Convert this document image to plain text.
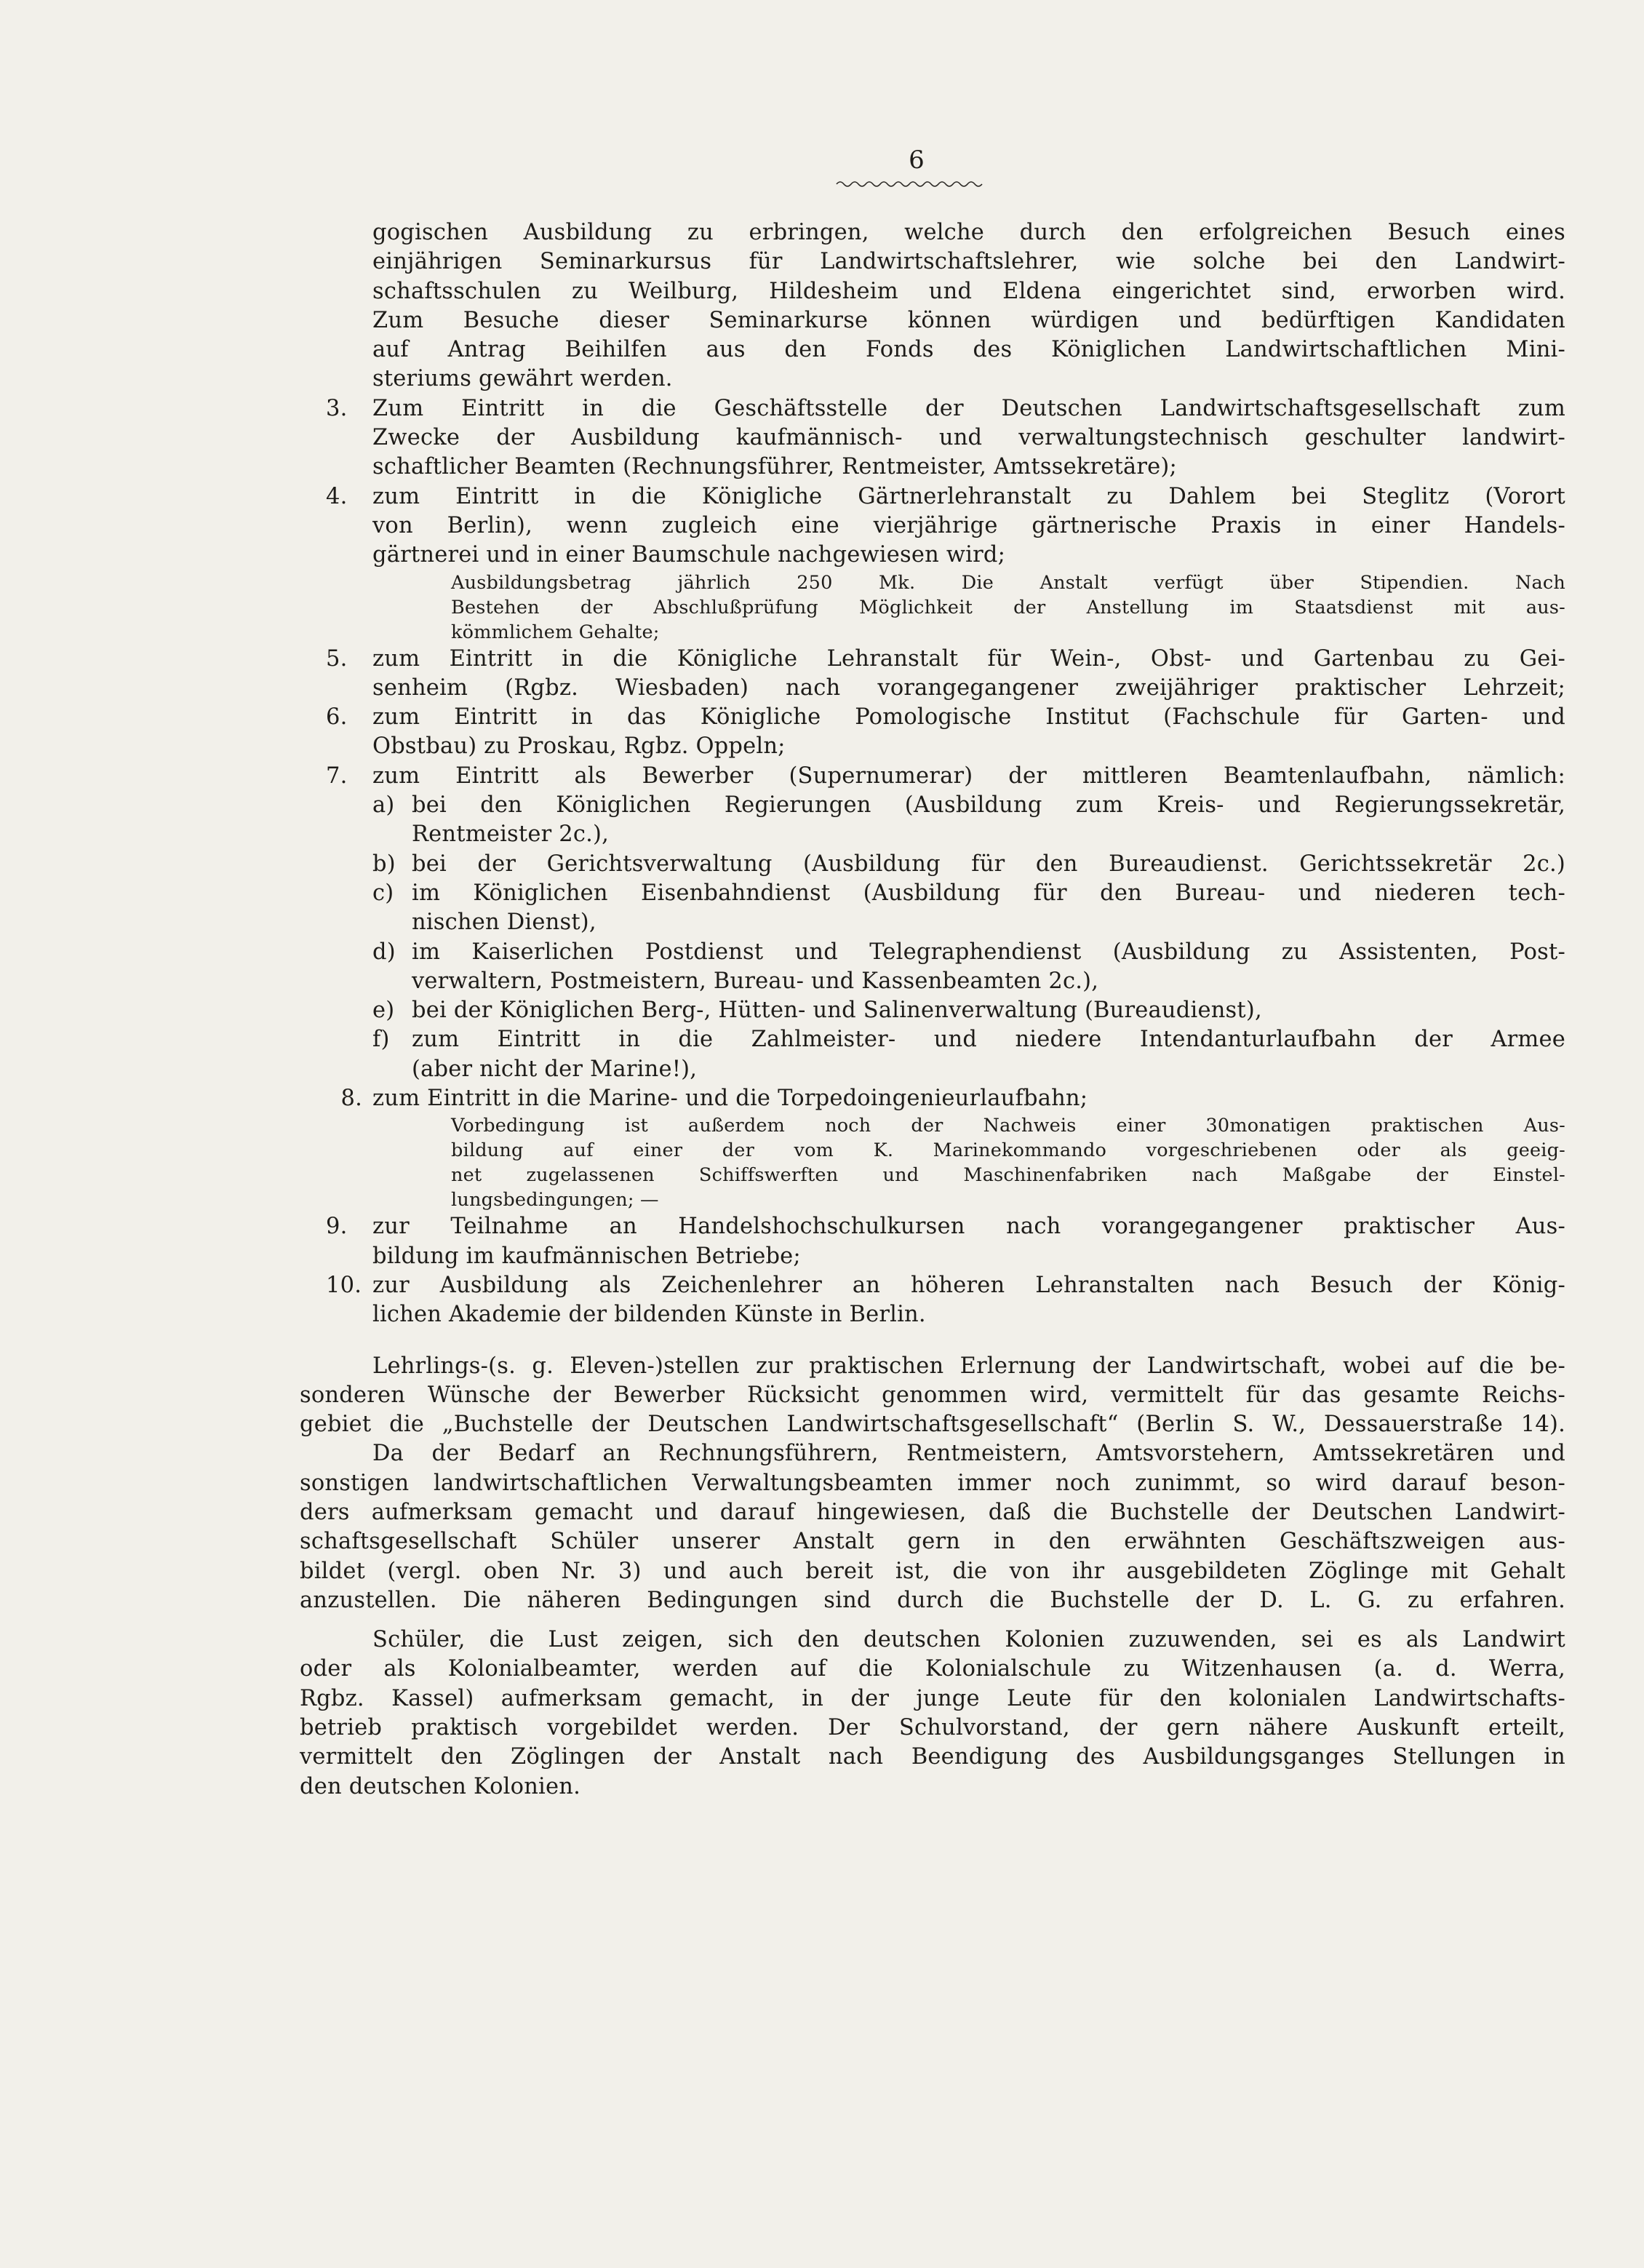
6
gogischen Ausbildung zu erbringen, welche durch den erfolgreichen Besuch eines
einjährigen Seminarkursus für Landwirtschaftslehrer, wie solche bei den Landwirt-
schaftsschulen zu Weilburg, Hildesheim und Eldena eingerichtet sind, erworben wird.
Zum Besuche dieser Seminarkurse können würdigen und bedürftigen Kandidaten
auf Antrag Beihilfen aus den Fonds des Königlichen Landwirtschaftlichen Mini-
steriums gewährt werden.
3. Zum Eintritt in die Geschäftsstelle der Deutschen Landwirtschaftsgesellschaft zum
Zwecke der Ausbildung kaufmännisch- und verwaltungstechnisch geschulter landwirt-
schaftlicher Beamten (Rechnungsführer, Rentmeister, Amtssekretäre);
4. zum Eintritt in die Königliche Gärtnerlehranstalt zu Dahlem bei Steglitz (Vorort
von Berlin), wenn zugleich eine vierjährige gärtnerische Praxis in einer Handels-
gärtnerei und in einer Baumschule nachgewiesen wird;
Ausbildungsbetrag jährlich 250 Mk. Die Anstalt verfügt über Stipendien. Nach
Bestehen der Abschlußprüfung Möglichkeit der Anstellung im Staatsdienst mit aus-
kömmlichem Gehalte;
5. zum Eintritt in die Königliche Lehranstalt für Wein-, Obst- und Gartenbau zu Gei-
senheim (Rgbz. Wiesbaden) nach vorangegangener zweijähriger praktischer Lehrzeit;
6. zum Eintritt in das Königliche Pomologische Institut (Fachschule für Garten- und
Obstbau) zu Proskau, Rgbz. Oppeln;
7. zum Eintritt als Bewerber (Supernumerar) der mittleren Beamtenlaufbahn, nämlich:
a) bei den Königlichen Regierungen (Ausbildung zum Kreis- und Regierungssekretär,
Rentmeister 2c.),
b) bei der Gerichtsverwaltung (Ausbildung für den Bureaudienst. Gerichtssekretär 2c.)
c) im Königlichen Eisenbahndienst (Ausbildung für den Bureau- und niederen tech-
nischen Dienst),
d) im Kaiserlichen Postdienst und Telegraphendienst (Ausbildung zu Assistenten, Post-
verwaltern, Postmeistern, Bureau- und Kassenbeamten 2c.),
e) bei der Königlichen Berg-, Hütten- und Salinenverwaltung (Bureaudienst),
f) zum Eintritt in die Zahlmeister- und niedere Intendanturlaufbahn der Armee
(aber nicht der Marine!),
8. zum Eintritt in die Marine- und die Torpedoingenieurlaufbahn;
Vorbedingung ist außerdem noch der Nachweis einer 30monatigen praktischen Aus-
bildung auf einer der vom K. Marinekommando vorgeschriebenen oder als geeig-
net zugelassenen Schiffswerften und Maschinenfabriken nach Maßgabe der Einstel-
lungsbedingungen; —
9. zur Teilnahme an Handelshochschulkursen nach vorangegangener praktischer Aus-
bildung im kaufmännischen Betriebe;
10. zur Ausbildung als Zeichenlehrer an höheren Lehranstalten nach Besuch der König-
lichen Akademie der bildenden Künste in Berlin.
Lehrlings-(s. g. Eleven-)stellen zur praktischen Erlernung der Landwirtschaft, wobei auf die be-
sonderen Wünsche der Bewerber Rücksicht genommen wird, vermittelt für das gesamte Reichs-
gebiet die „Buchstelle der Deutschen Landwirtschaftsgesellschaft“ (Berlin S. W., Dessauerstraße 14).
Da der Bedarf an Rechnungsführern, Rentmeistern, Amtsvorstehern, Amtssekretären und
sonstigen landwirtschaftlichen Verwaltungsbeamten immer noch zunimmt, so wird darauf beson-
ders aufmerksam gemacht und darauf hingewiesen, daß die Buchstelle der Deutschen Landwirt-
schaftsgesellschaft Schüler unserer Anstalt gern in den erwähnten Geschäftszweigen aus-
bildet (vergl. oben Nr. 3) und auch bereit ist, die von ihr ausgebildeten Zöglinge mit Gehalt
anzustellen. Die näheren Bedingungen sind durch die Buchstelle der D. L. G. zu erfahren.
Schüler, die Lust zeigen, sich den deutschen Kolonien zuzuwenden, sei es als Landwirt
oder als Kolonialbeamter, werden auf die Kolonialschule zu Witzenhausen (a. d. Werra,
Rgbz. Kassel) aufmerksam gemacht, in der junge Leute für den kolonialen Landwirtschafts-
betrieb praktisch vorgebildet werden. Der Schulvorstand, der gern nähere Auskunft erteilt,
vermittelt den Zöglingen der Anstalt nach Beendigung des Ausbildungsganges Stellungen in
den deutschen Kolonien.
